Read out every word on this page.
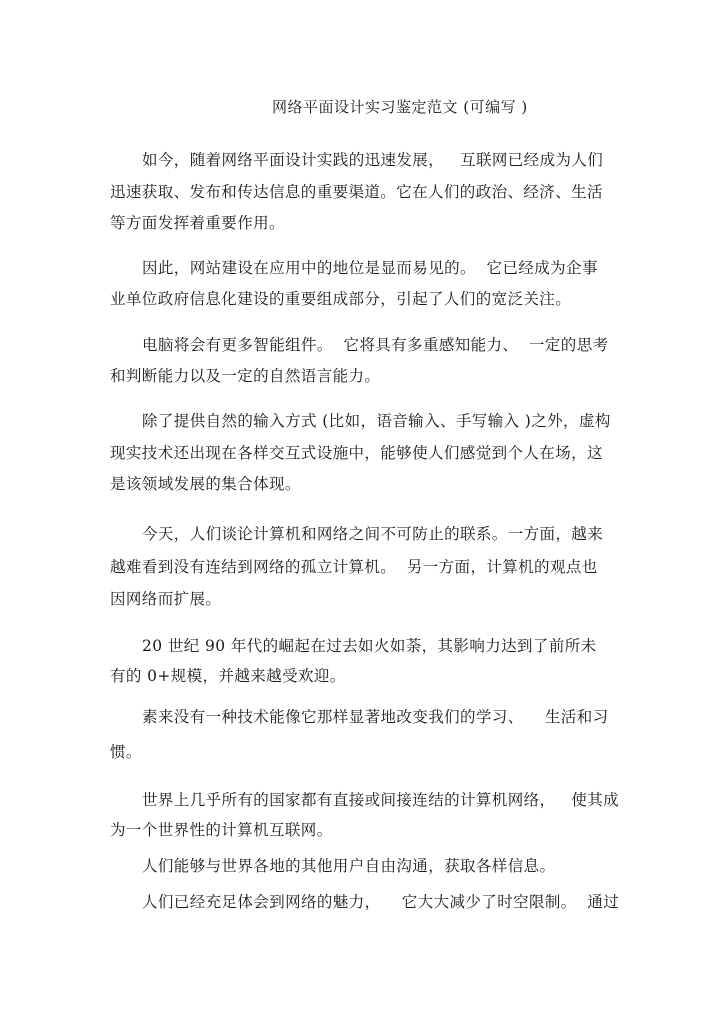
网络平面设计实习鉴定范文 (可编写 )
如今，随着网络平面设计实践的迅速发展，   互联网已经成为人们
迅速获取、发布和传达信息的重要渠道。它在人们的政治、经济、生活
等方面发挥着重要作用。
因此，网站建设在应用中的地位是显而易见的。  它已经成为企事
业单位政府信息化建设的重要组成部分，引起了人们的宽泛关注。
电脑将会有更多智能组件。  它将具有多重感知能力、  一定的思考
和判断能力以及一定的自然语言能力。
除了提供自然的输入方式 (比如，语音输入、手写输入 )之外，虚构
现实技术还出现在各样交互式设施中，能够使人们感觉到个人在场，这
是该领域发展的集合体现。
今天，人们谈论计算机和网络之间不可防止的联系。一方面，越来
越难看到没有连结到网络的孤立计算机。  另一方面，计算机的观点也
因网络而扩展。
20 世纪 90 年代的崛起在过去如火如荼，其影响力达到了前所未
有的 0+规模，并越来越受欢迎。
素来没有一种技术能像它那样显著地改变我们的学习、    生活和习
惯。
世界上几乎所有的国家都有直接或间接连结的计算机网络，   使其成
为一个世界性的计算机互联网。
人们能够与世界各地的其他用户自由沟通，获取各样信息。
人们已经充足体会到网络的魅力，    它大大减少了时空限制。  通过
